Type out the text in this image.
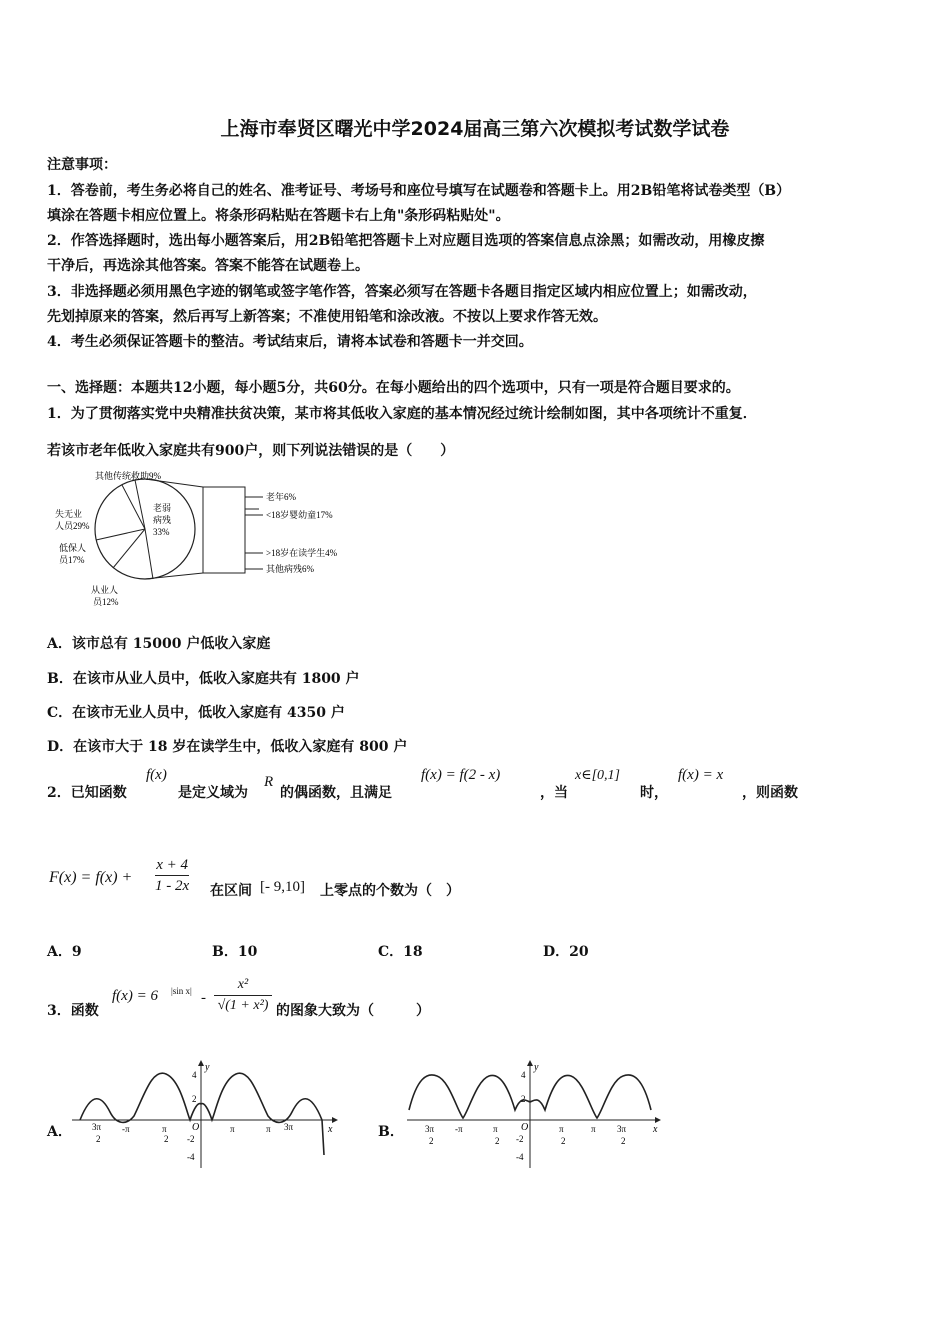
上海市奉贤区曙光中学2024届高三第六次模拟考试数学试卷
注意事项：
1．答卷前，考生务必将自己的姓名、准考证号、考场号和座位号填写在试题卷和答题卡上。用2B铅笔将试卷类型（B）
填涂在答题卡相应位置上。将条形码粘贴在答题卡右上角"条形码粘贴处"。
2．作答选择题时，选出每小题答案后，用2B铅笔把答题卡上对应题目选项的答案信息点涂黑；如需改动，用橡皮擦
干净后，再选涂其他答案。答案不能答在试题卷上。
3．非选择题必须用黑色字迹的钢笔或签字笔作答，答案必须写在答题卡各题目指定区域内相应位置上；如需改动，
先划掉原来的答案，然后再写上新答案；不准使用铅笔和涂改液。不按以上要求作答无效。
4．考生必须保证答题卡的整洁。考试结束后，请将本试卷和答题卡一并交回。
一、选择题：本题共12小题，每小题5分，共60分。在每小题给出的四个选项中，只有一项是符合题目要求的。
1．为了贯彻落实党中央精准扶贫决策，某市将其低收入家庭的基本情况经过统计绘制如图，其中各项统计不重复．
若该市老年低收入家庭共有900户，则下列说法错误的是（　　）
其他传统救助9%
失无业
人员29%
老弱
病残
33%
低保人
员17%
从业人
员12%
老年6%
<18岁婴幼童17%
>18岁在读学生4%
其他病残6%
A．该市总有 15000 户低收入家庭
B．在该市从业人员中，低收入家庭共有 1800 户
C．在该市无业人员中，低收入家庭有 4350 户
D．在该市大于 18 岁在读学生中，低收入家庭有 800 户
2．已知函数
f(x)
是定义域为
R
的偶函数，且满足
f(x) = f(2 - x)
，当
x∈[0,1]
时，
f(x) = x
，则函数
$F(x) = f(x) + \frac{x + 4}{1 - 2x}$ 在区间 [- 9,10] 上零点的个数为（　）
A．9	B．10	C．18	D．20
3．函数
f(x) = 6 |sin $x| - \frac{\text{x²}}{\text{√(1 + x²)}}$ 的图象大致为（　　　）
A．
y
x
O
4
2
-2
-4
3π
2
-π	π
2
π	π 3π	B．
y
x
O
4
2
-2
-4
3π
2
-π	π
2
π
2
π 3π
2
